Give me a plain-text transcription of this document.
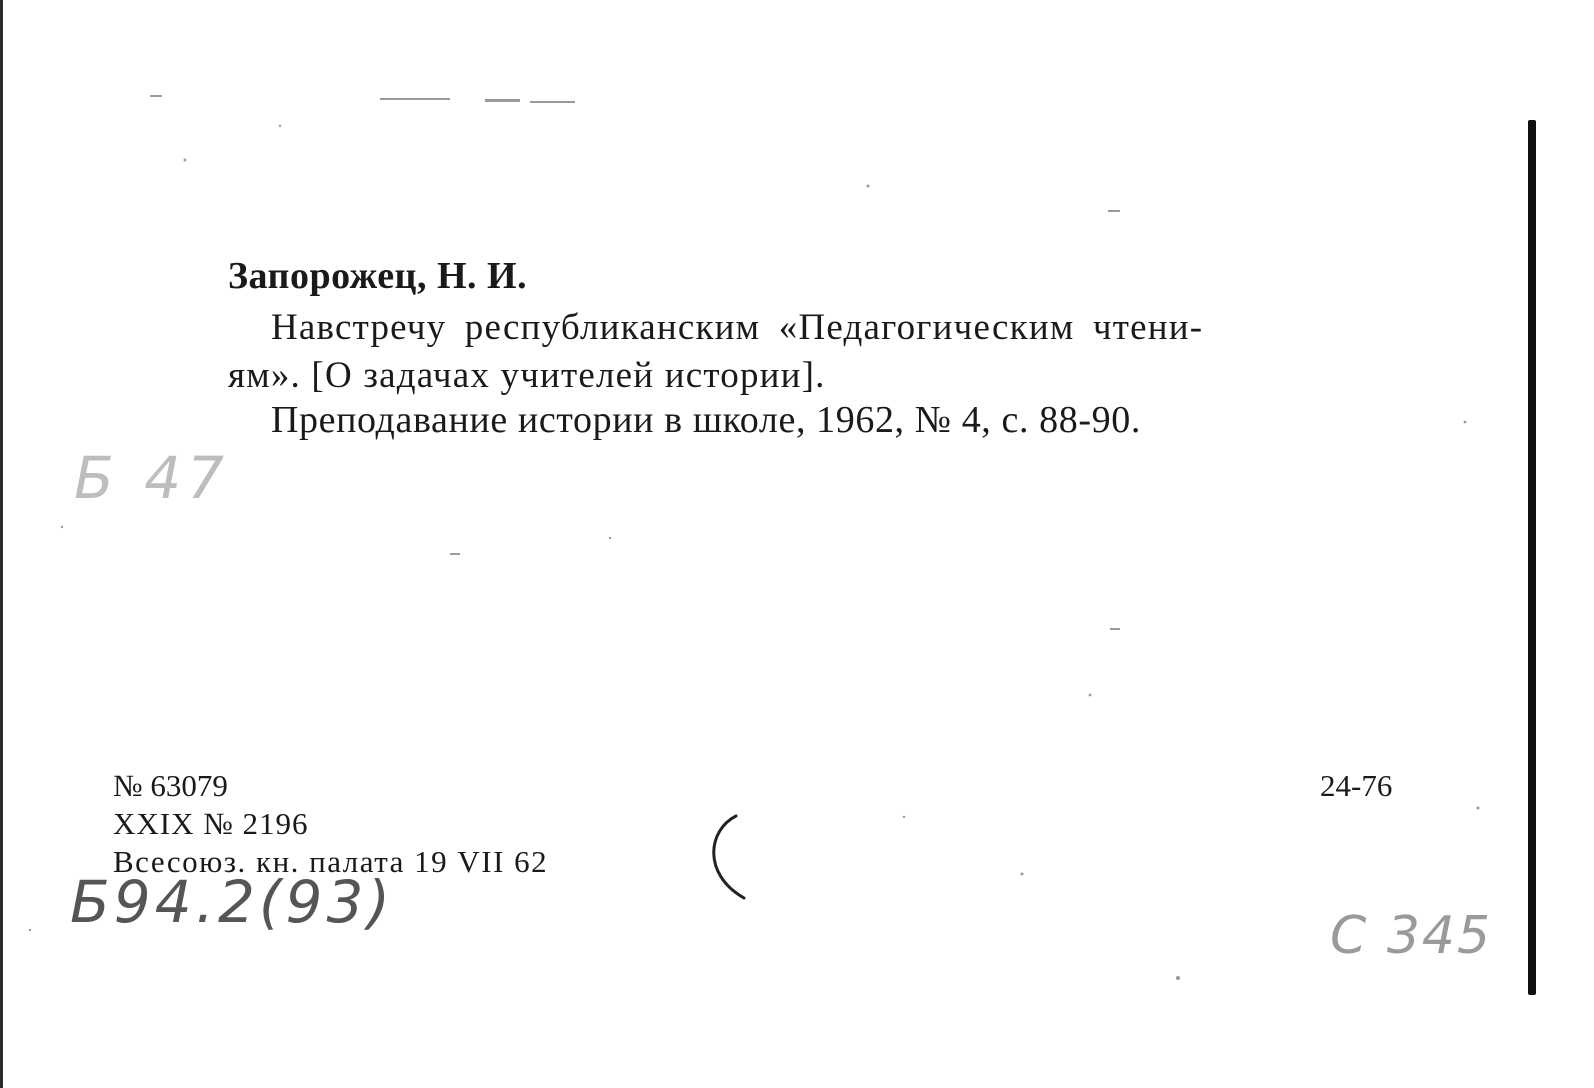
Запорожец, Н. И.
Навстречу республиканским «Педагогическим чтени-
ям». [О задачах учителей истории].
Преподавание истории в школе, 1962, № 4, с. 88-90.
№ 63079
XXIX № 2196
Всесоюз. кн. палата 19 VII 62
24-76
Б 47
Б94.2(93)	С 345
